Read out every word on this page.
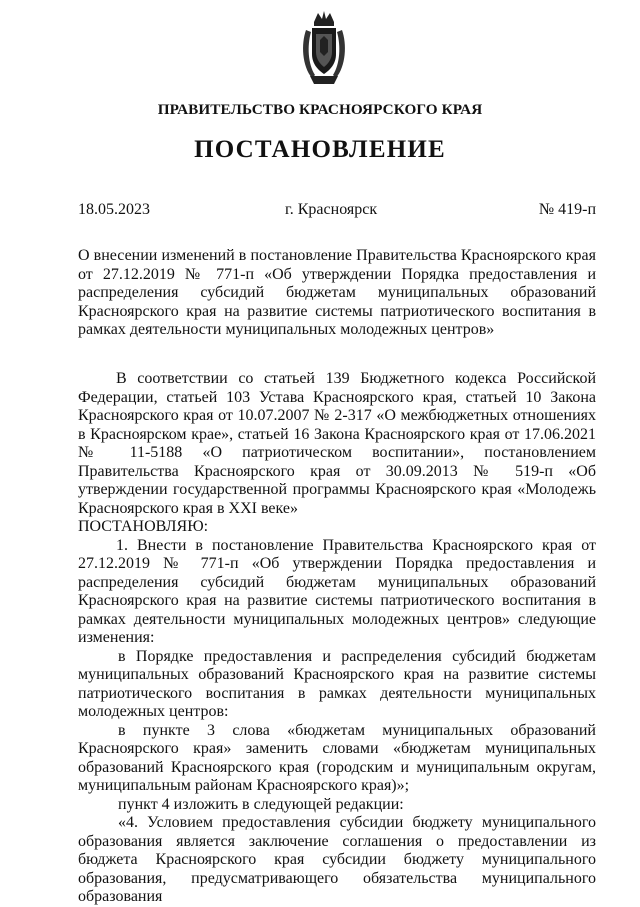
ПРАВИТЕЛЬСТВО КРАСНОЯРСКОГО КРАЯ
ПОСТАНОВЛЕНИЕ
18.05.2023	г. Красноярск	№ 419-п

О внесении изменений в постановление Правительства Красноярского края от 27.12.2019 № 771-п «Об утверждении Порядка предоставления и распределения субсидий бюджетам муниципальных образований Красноярского края на развитие системы патриотического воспитания в рамках деятельности муниципальных молодежных центров»

В соответствии со статьей 139 Бюджетного кодекса Российской Федерации, статьей 103 Устава Красноярского края, статьей 10 Закона Красноярского края от 10.07.2007 № 2-317 «О межбюджетных отношениях в Красноярском крае», статьей 16 Закона Красноярского края от 17.06.2021 № 11-5188 «О патриотическом воспитании», постановлением Правительства Красноярского края от 30.09.2013 № 519-п «Об утверждении государственной программы Красноярского края «Молодежь Красноярского края в XXI веке»

ПОСТАНОВЛЯЮ:

1. Внести в постановление Правительства Красноярского края от 27.12.2019 № 771-п «Об утверждении Порядка предоставления и распределения субсидий бюджетам муниципальных образований Красноярского края на развитие системы патриотического воспитания в рамках деятельности муниципальных молодежных центров» следующие изменения:

в Порядке предоставления и распределения субсидий бюджетам муниципальных образований Красноярского края на развитие системы патриотического воспитания в рамках деятельности муниципальных молодежных центров:

в пункте 3 слова «бюджетам муниципальных образований Красноярского края» заменить словами «бюджетам муниципальных образований Красноярского края (городским и муниципальным округам, муниципальным районам Красноярского края)»;

пункт 4 изложить в следующей редакции:

«4. Условием предоставления субсидии бюджету муниципального образования является заключение соглашения о предоставлении из бюджета Красноярского края субсидии бюджету муниципального образования, предусматривающего обязательства муниципального образования
